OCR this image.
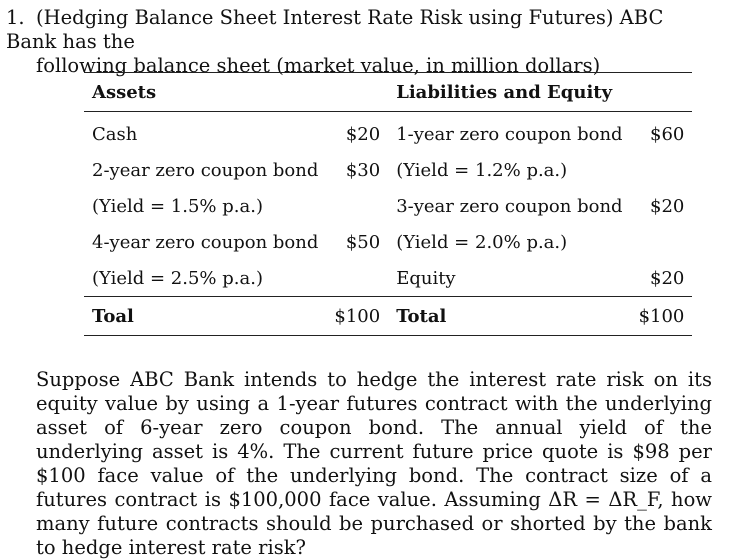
1. (Hedging Balance Sheet Interest Rate Risk using Futures) ABC Bank has the
following balance sheet (market value, in million dollars)
Assets		Liabilities and Equity	
Cash	$20	1-year zero coupon bond	$60
2-year zero coupon bond	$30	(Yield = 1.2% p.a.)	
(Yield = 1.5% p.a.)		3-year zero coupon bond	$20
4-year zero coupon bond	$50	(Yield = 2.0% p.a.)	
(Yield = 2.5% p.a.)		Equity	$20
Toal	$100	Total	$100

Suppose ABC Bank intends to hedge the interest rate risk on its equity value by using a 1-year futures contract with the underlying asset of 6-year zero coupon bond. The annual yield of the underlying asset is 4%. The current future price quote is $98 per $100 face value of the underlying bond. The contract size of a futures contract is $100,000 face value. Assuming ΔR = ΔR_F, how many future contracts should be purchased or shorted by the bank to hedge interest rate risk?
